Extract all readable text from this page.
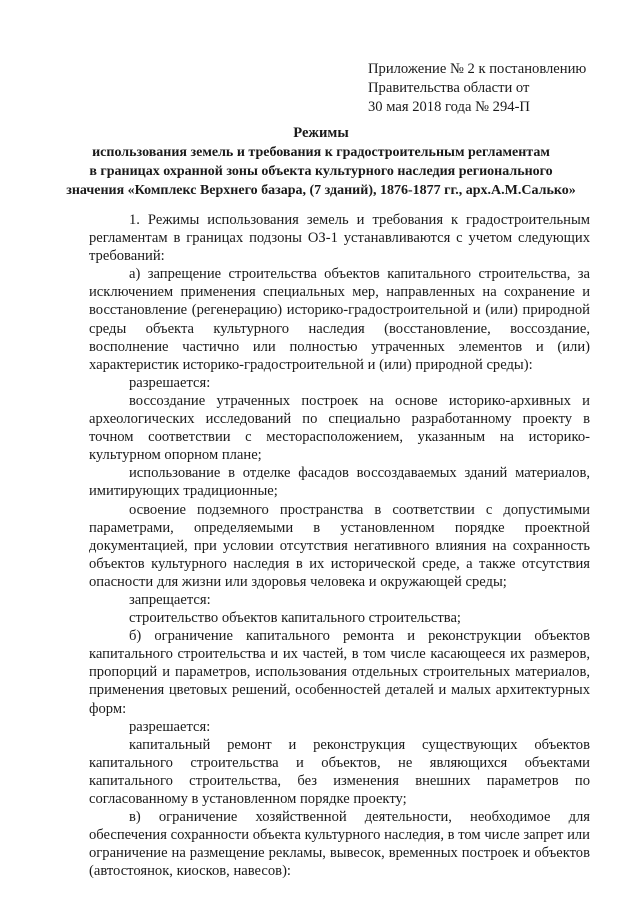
Приложение № 2 к постановлению
Правительства области от
30 мая 2018 года № 294-П
Режимы
использования земель и требования к градостроительным регламентам
в границах охранной зоны объекта культурного наследия регионального
значения «Комплекс Верхнего базара, (7 зданий), 1876-1877 гг., арх.А.М.Салько»

1. Режимы использования земель и требования к градостроительным регламентам в границах подзоны ОЗ-1 устанавливаются с учетом следующих требований:

а) запрещение строительства объектов капитального строительства, за исключением применения специальных мер, направленных на сохранение и восстановление (регенерацию) историко-градостроительной и (или) природной среды объекта культурного наследия (восстановление, воссоздание, восполнение частично или полностью утраченных элементов и (или) характеристик историко-градостроительной и (или) природной среды):

разрешается:

воссоздание утраченных построек на основе историко-архивных и археологических исследований по специально разработанному проекту в точном соответствии с месторасположением, указанным на историко-культурном опорном плане;

использование в отделке фасадов воссоздаваемых зданий материалов, имитирующих традиционные;

освоение подземного пространства в соответствии с допустимыми параметрами, определяемыми в установленном порядке проектной документацией, при условии отсутствия негативного влияния на сохранность объектов культурного наследия в их исторической среде, а также отсутствия опасности для жизни или здоровья человека и окружающей среды;

запрещается:

строительство объектов капитального строительства;

б) ограничение капитального ремонта и реконструкции объектов капитального строительства и их частей, в том числе касающееся их размеров, пропорций и параметров, использования отдельных строительных материалов, применения цветовых решений, особенностей деталей и малых архитектурных форм:

разрешается:

капитальный ремонт и реконструкция существующих объектов капитального строительства и объектов, не являющихся объектами капитального строительства, без изменения внешних параметров по согласованному в установленном порядке проекту;

в) ограничение хозяйственной деятельности, необходимое для обеспечения сохранности объекта культурного наследия, в том числе запрет или ограничение на размещение рекламы, вывесок, временных построек и объектов (автостоянок, киосков, навесов):
